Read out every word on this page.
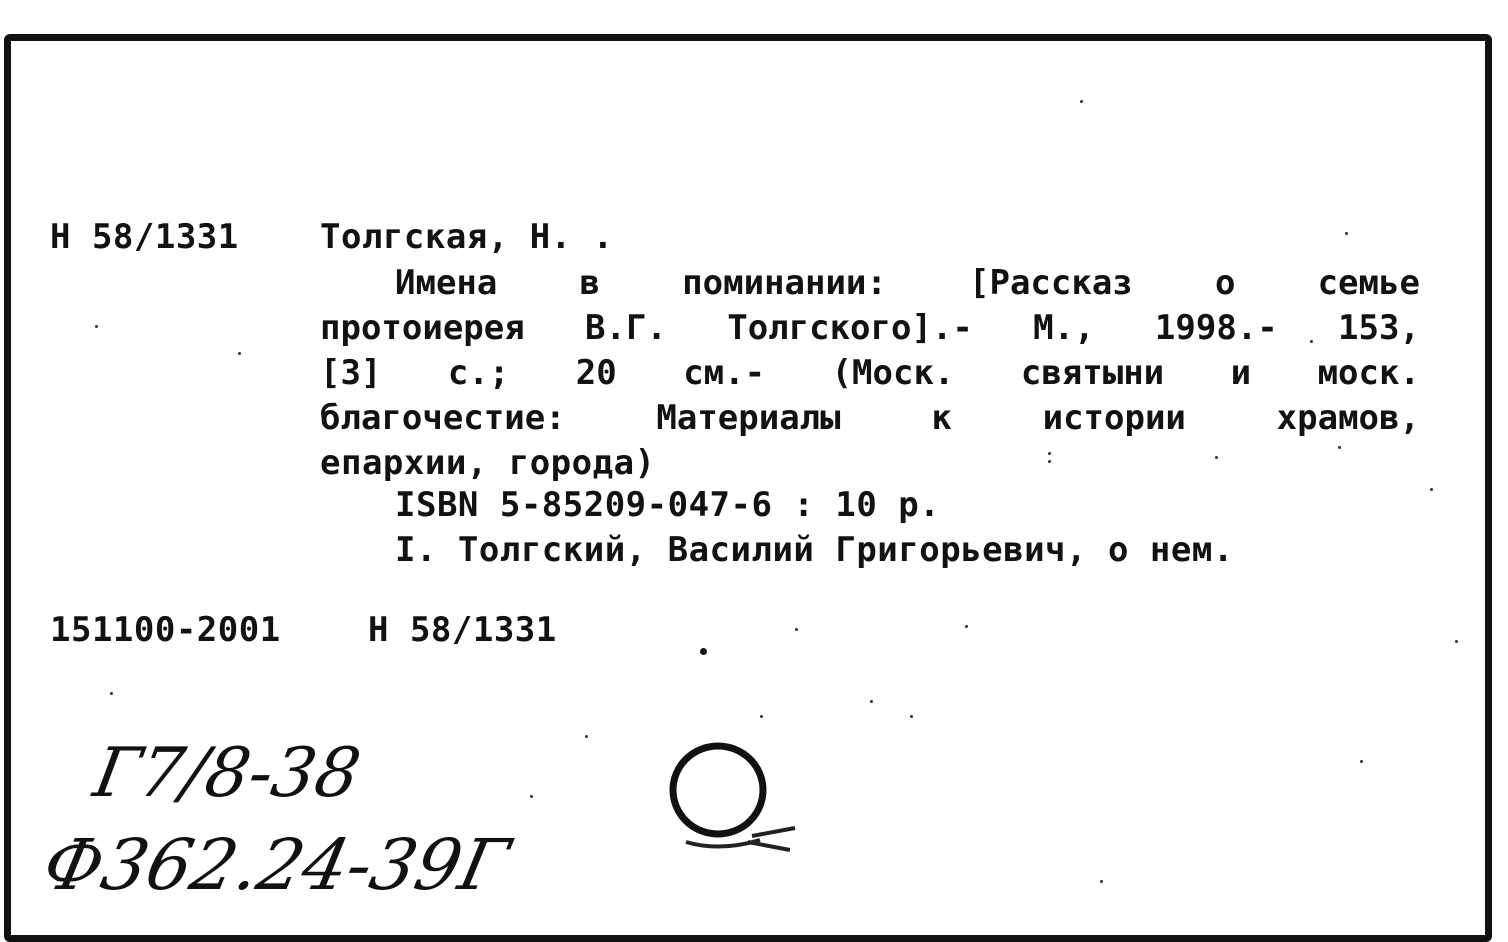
Н 58/1331 Толгская, Н. .
Имена в поминании: [Рассказ о семье
протоиерея В.Г. Толгского].- М., 1998.- 153,
[3] с.; 20 см.- (Моск. святыни и моск.
благочестие:	Материалы	к	истории	храмов,
епархии, города)
ISBN 5-85209-047-6 : 10 р.
I. Толгский, Василий Григорьевич, о нем.
151100-2001	Н 58/1331
Г7/8-38
Ф362.24-39Г
